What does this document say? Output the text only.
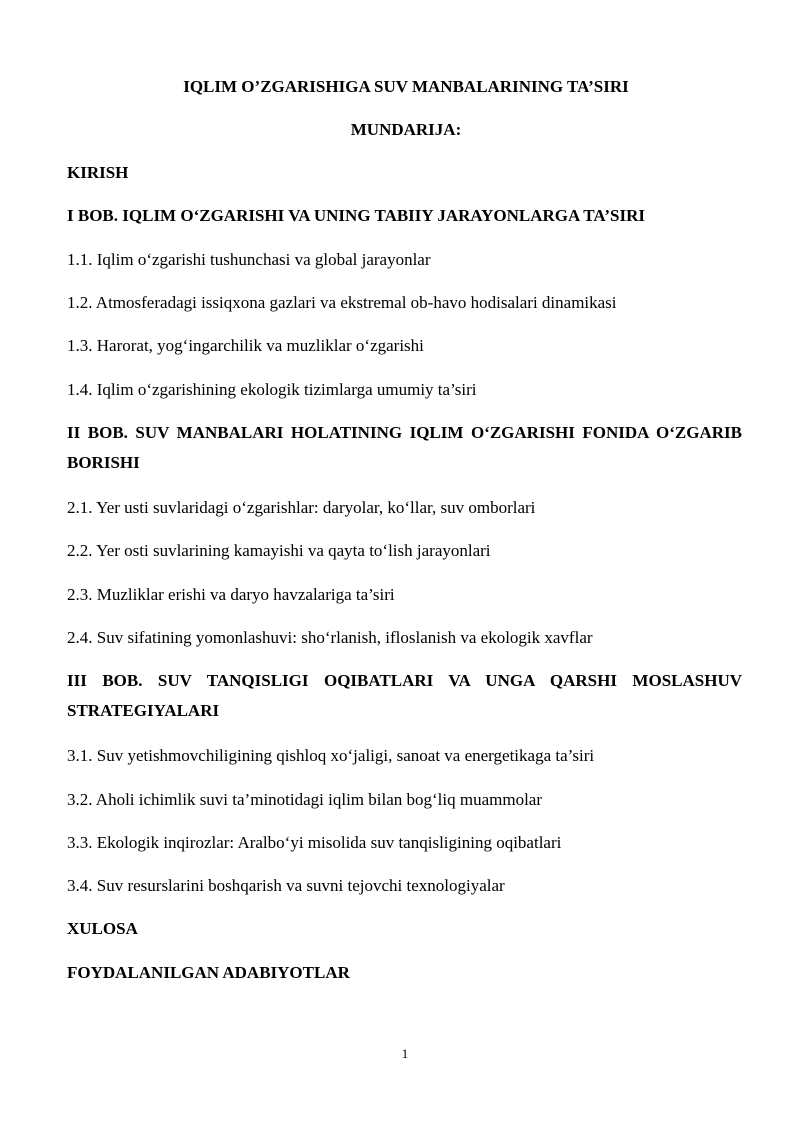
IQLIM O’ZGARISHIGA SUV MANBALARINING TA’SIRI
MUNDARIJA:
KIRISH
I BOB. IQLIM O‘ZGARISHI VA UNING TABIIY JARAYONLARGA TA’SIRI
1.1. Iqlim o‘zgarishi tushunchasi va global jarayonlar
1.2. Atmosferadagi issiqxona gazlari va ekstremal ob-havo hodisalari dinamikasi
1.3. Harorat, yog‘ingarchilik va muzliklar o‘zgarishi
1.4. Iqlim o‘zgarishining ekologik tizimlarga umumiy ta’siri
II BOB. SUV MANBALARI HOLATINING IQLIM O‘ZGARISHI FONIDA O‘ZGARIB BORISHI
2.1. Yer usti suvlaridagi o‘zgarishlar: daryolar, ko‘llar, suv omborlari
2.2. Yer osti suvlarining kamayishi va qayta to‘lish jarayonlari
2.3. Muzliklar erishi va daryo havzalariga ta’siri
2.4. Suv sifatining yomonlashuvi: sho‘rlanish, ifloslanish va ekologik xavflar
III BOB. SUV TANQISLIGI OQIBATLARI VA UNGA QARSHI MOSLASHUV STRATEGIYALARI
3.1. Suv yetishmovchiligining qishloq xo‘jaligi, sanoat va energetikaga ta’siri
3.2. Aholi ichimlik suvi ta’minotidagi iqlim bilan bog‘liq muammolar
3.3. Ekologik inqirozlar: Aralbo‘yi misolida suv tanqisligining oqibatlari
3.4. Suv resurslarini boshqarish va suvni tejovchi texnologiyalar
XULOSA
FOYDALANILGAN ADABIYOTLAR
1
